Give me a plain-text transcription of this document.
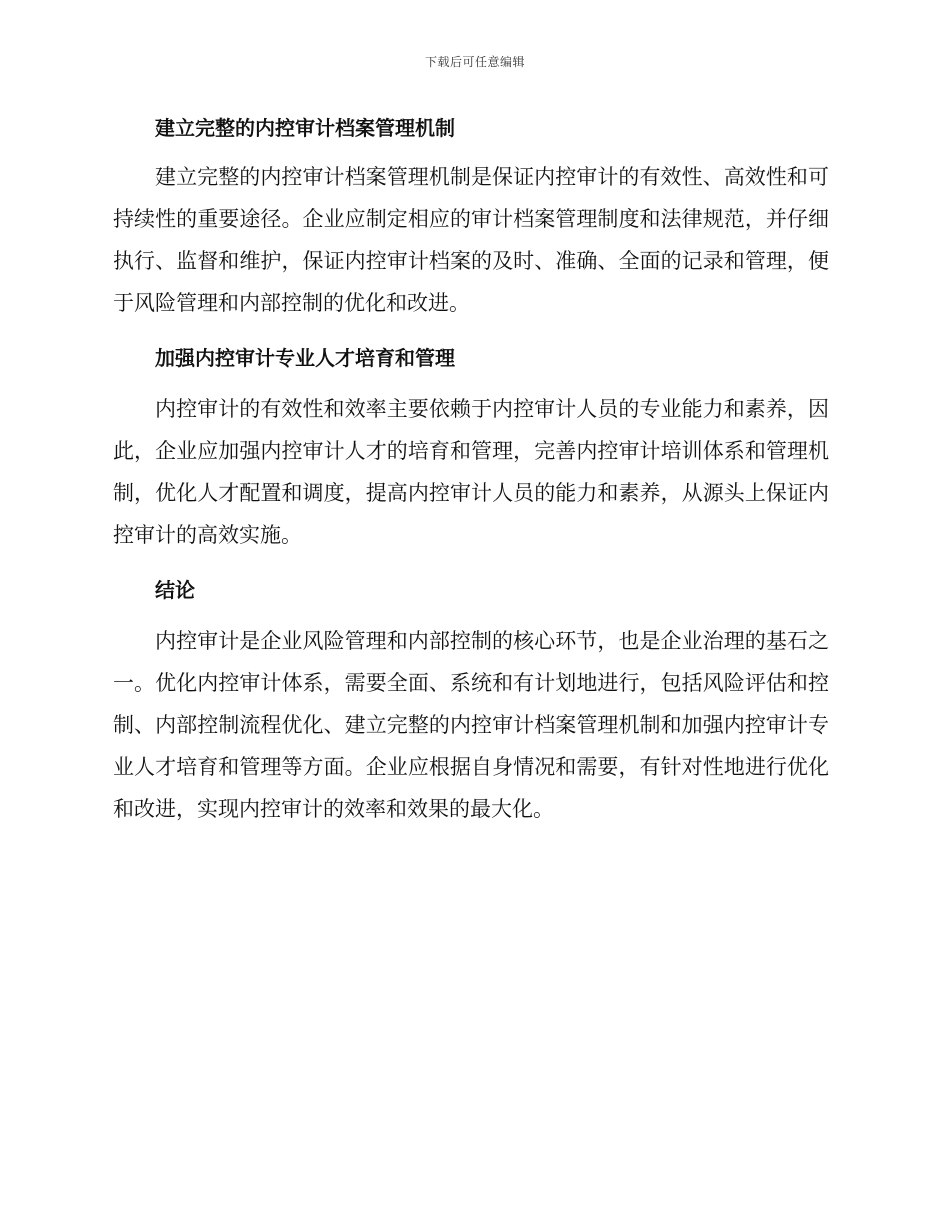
下载后可任意编辑
建立完整的内控审计档案管理机制

建立完整的内控审计档案管理机制是保证内控审计的有效性、高效性和可持续性的重要途径。企业应制定相应的审计档案管理制度和法律规范，并仔细执行、监督和维护，保证内控审计档案的及时、准确、全面的记录和管理，便于风险管理和内部控制的优化和改进。

加强内控审计专业人才培育和管理

内控审计的有效性和效率主要依赖于内控审计人员的专业能力和素养，因此，企业应加强内控审计人才的培育和管理，完善内控审计培训体系和管理机制，优化人才配置和调度，提高内控审计人员的能力和素养，从源头上保证内控审计的高效实施。

结论

内控审计是企业风险管理和内部控制的核心环节，也是企业治理的基石之一。优化内控审计体系，需要全面、系统和有计划地进行，包括风险评估和控制、内部控制流程优化、建立完整的内控审计档案管理机制和加强内控审计专业人才培育和管理等方面。企业应根据自身情况和需要，有针对性地进行优化和改进，实现内控审计的效率和效果的最大化。
